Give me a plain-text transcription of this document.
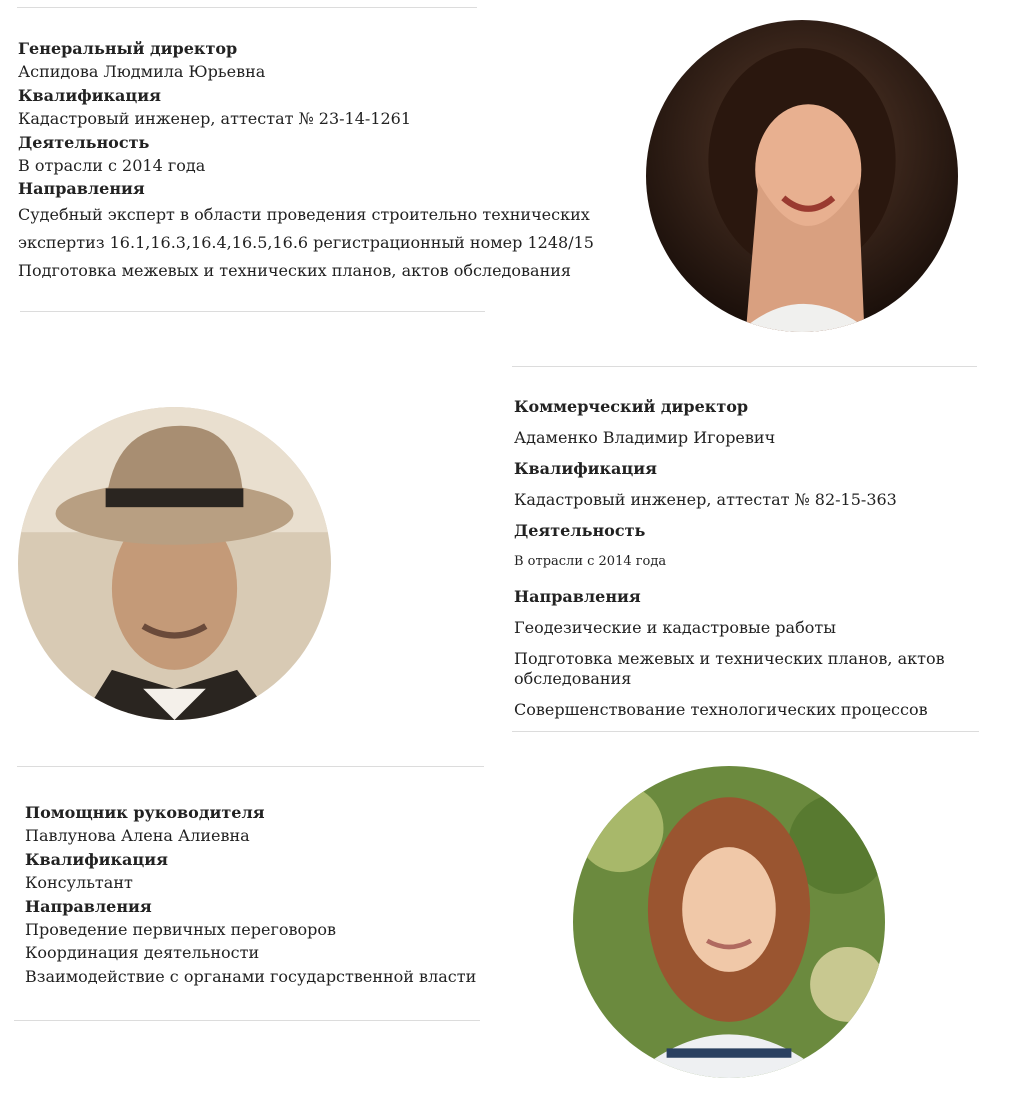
Генеральный директор

Аспидова Людмила Юрьевна

Квалификация

Кадастровый инженер, аттестат № 23-14-1261

Деятельность

В отрасли с 2014 года

Направления

Судебный эксперт в области проведения строительно технических

экспертиз 16.1,16.3,16.4,16.5,16.6 регистрационный номер 1248/15

Подготовка межевых и технических планов, актов обследования

Коммерческий директор

Адаменко Владимир Игоревич

Квалификация

Кадастровый инженер, аттестат № 82-15-363

Деятельность

В отрасли с 2014 года

Направления

Геодезические и кадастровые работы

Подготовка межевых и технических планов, актов обследования

Совершенствование технологических процессов

Помощник руководителя

Павлунова Алена Алиевна

Квалификация

Консультант

Направления

Проведение первичных переговоров

Координация деятельности

Взаимодействие с органами государственной власти
